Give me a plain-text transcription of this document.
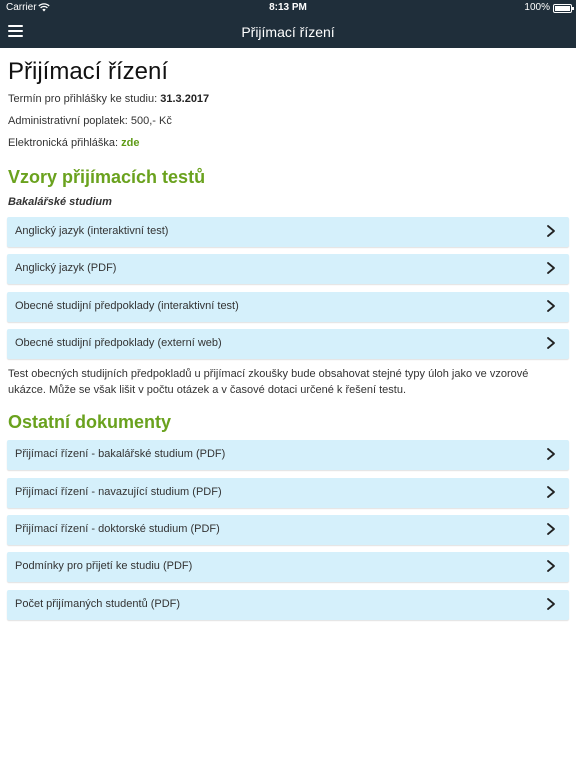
Carrier	8:13 PM	100%
Přijímací řízení
Přijímací řízení
Termín pro přihlášky ke studiu: 31.3.2017
Administrativní poplatek: 500,- Kč
Elektronická přihláška: zde
Vzory přijímacích testů
Bakalářské studium
Anglický jazyk (interaktivní test)
Anglický jazyk (PDF)
Obecné studijní předpoklady (interaktivní test)
Obecné studijní předpoklady (externí web)

Test obecných studijních předpokladů u přijímací zkoušky bude obsahovat stejné typy úloh jako ve vzorové ukázce. Může se však lišit v počtu otázek a v časové dotaci určené k řešení testu.

Ostatní dokumenty
Přijímací řízení - bakalářské studium (PDF)
Přijímací řízení - navazující studium (PDF)
Přijímací řízení - doktorské studium (PDF)
Podmínky pro přijetí ke studiu (PDF)
Počet přijímaných studentů (PDF)
